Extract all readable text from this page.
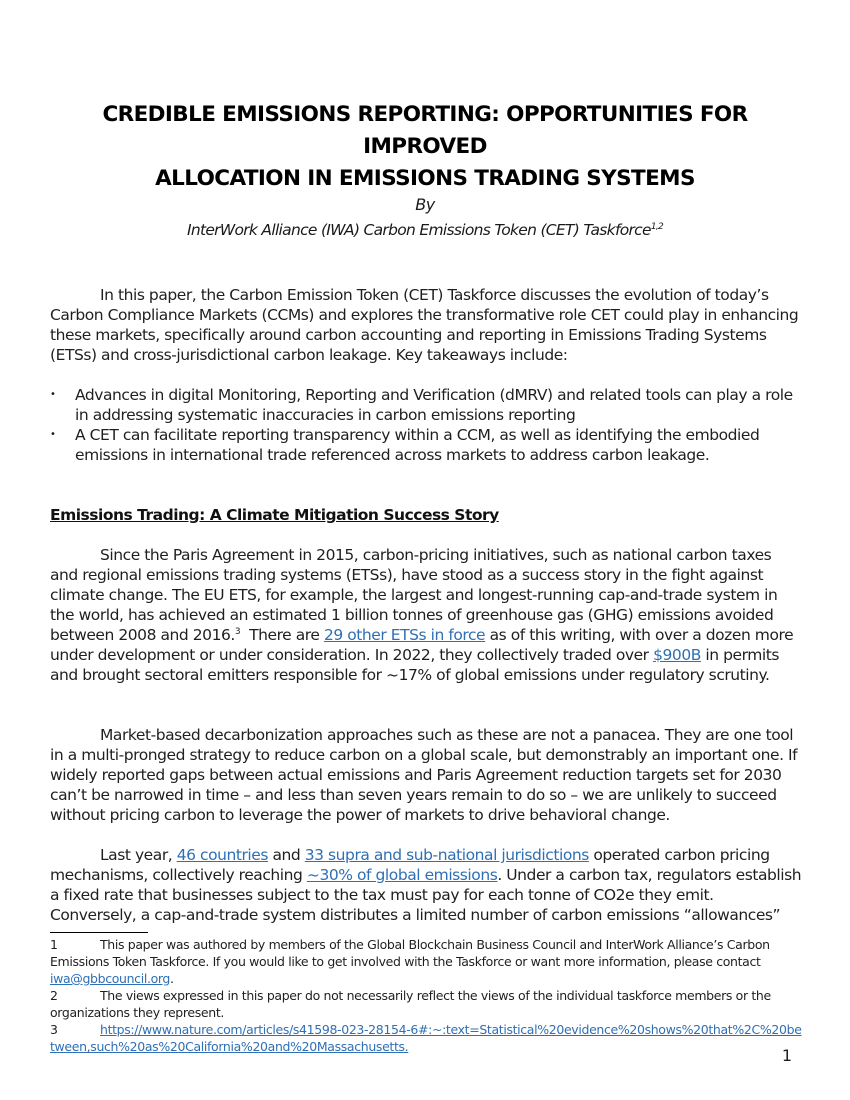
CREDIBLE EMISSIONS REPORTING: OPPORTUNITIES FOR IMPROVED
ALLOCATION IN EMISSIONS TRADING SYSTEMS
By
InterWork Alliance (IWA) Carbon Emissions Token (CET) Taskforce$^{1,2}$

In this paper, the Carbon Emission Token (CET) Taskforce discusses the evolution of today’s Carbon Compliance Markets (CCMs) and explores the transformative role CET could play in enhancing these markets, specifically around carbon accounting and reporting in Emissions Trading Systems (ETSs) and cross-jurisdictional carbon leakage. Key takeaways include:

• Advances in digital Monitoring, Reporting and Verification (dMRV) and related tools can play a role in addressing systematic inaccuracies in carbon emissions reporting
• A CET can facilitate reporting transparency within a CCM, as well as identifying the embodied emissions in international trade referenced across markets to address carbon leakage.
Emissions Trading: A Climate Mitigation Success Story

Since the Paris Agreement in 2015, carbon-pricing initiatives, such as national carbon taxes and regional emissions trading systems (ETSs), have stood as a success story in the fight against climate change. The EU ETS, for example, the largest and longest-running cap-and-trade system in the world, has achieved an estimated 1 billion tonnes of greenhouse gas (GHG) emissions avoided between 2008 and 2016.$^3$  There are 29 other ETSs in force as of this writing, with over a dozen more under development or under consideration. In 2022, they collectively traded over $900B in permits and brought sectoral emitters responsible for ~17% of global emissions under regulatory scrutiny.

Market-based decarbonization approaches such as these are not a panacea. They are one tool in a multi-pronged strategy to reduce carbon on a global scale, but demonstrably an important one. If widely reported gaps between actual emissions and Paris Agreement reduction targets set for 2030 can’t be narrowed in time – and less than seven years remain to do so – we are unlikely to succeed without pricing carbon to leverage the power of markets to drive behavioral change.

Last year, 46 countries and 33 supra and sub-national jurisdictions operated carbon pricing mechanisms, collectively reaching ~30% of global emissions. Under a carbon tax, regulators establish a fixed rate that businesses subject to the tax must pay for each tonne of CO2e they emit. Conversely, a cap-and-trade system distributes a limited number of carbon emissions “allowances”

1	This paper was authored by members of the Global Blockchain Business Council and InterWork Alliance’s Carbon Emissions Token Taskforce. If you would like to get involved with the Taskforce or want more information, please contact iwa@gbbcouncil.org.

2	The views expressed in this paper do not necessarily reflect the views of the individual taskforce members or the organizations they represent.

3	https://www.nature.com/articles/s41598-023-28154-6#:~:text=Statistical%20evidence%20shows%20that%2C%20between,such%20as%20California%20and%20Massachusetts.	1
